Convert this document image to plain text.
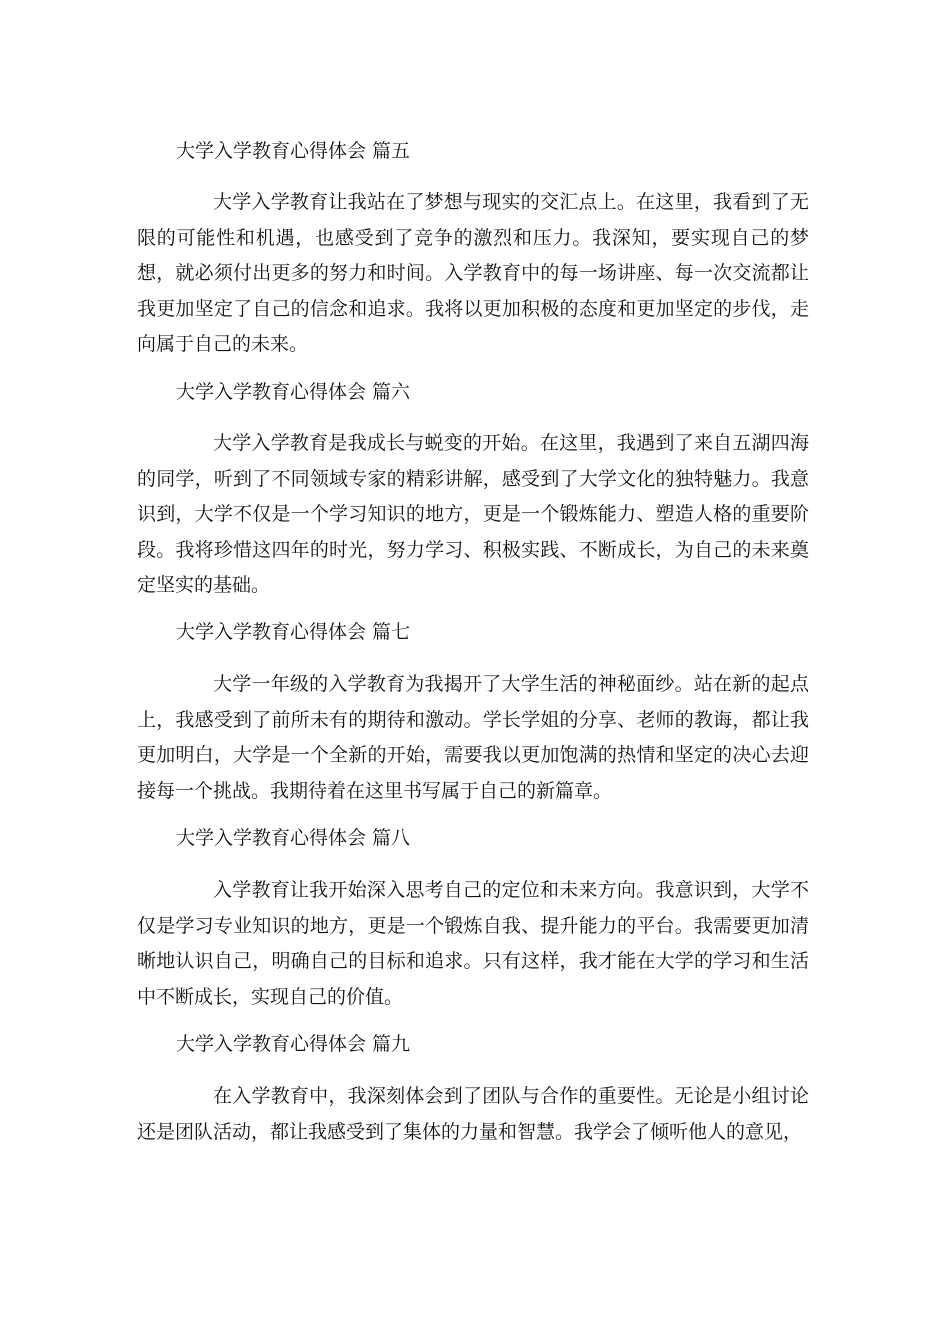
大学入学教育心得体会 篇五

大学入学教育让我站在了梦想与现实的交汇点上。在这里，我看到了无限的可能性和机遇，也感受到了竞争的激烈和压力。我深知，要实现自己的梦想，就必须付出更多的努力和时间。入学教育中的每一场讲座、每一次交流都让我更加坚定了自己的信念和追求。我将以更加积极的态度和更加坚定的步伐，走向属于自己的未来。

大学入学教育心得体会 篇六

大学入学教育是我成长与蜕变的开始。在这里，我遇到了来自五湖四海的同学，听到了不同领域专家的精彩讲解，感受到了大学文化的独特魅力。我意识到，大学不仅是一个学习知识的地方，更是一个锻炼能力、塑造人格的重要阶段。我将珍惜这四年的时光，努力学习、积极实践、不断成长，为自己的未来奠定坚实的基础。

大学入学教育心得体会 篇七

大学一年级的入学教育为我揭开了大学生活的神秘面纱。站在新的起点上，我感受到了前所未有的期待和激动。学长学姐的分享、老师的教诲，都让我更加明白，大学是一个全新的开始，需要我以更加饱满的热情和坚定的决心去迎接每一个挑战。我期待着在这里书写属于自己的新篇章。

大学入学教育心得体会 篇八

入学教育让我开始深入思考自己的定位和未来方向。我意识到，大学不仅是学习专业知识的地方，更是一个锻炼自我、提升能力的平台。我需要更加清晰地认识自己，明确自己的目标和追求。只有这样，我才能在大学的学习和生活中不断成长，实现自己的价值。

大学入学教育心得体会 篇九

在入学教育中，我深刻体会到了团队与合作的重要性。无论是小组讨论还是团队活动，都让我感受到了集体的力量和智慧。我学会了倾听他人的意见，
